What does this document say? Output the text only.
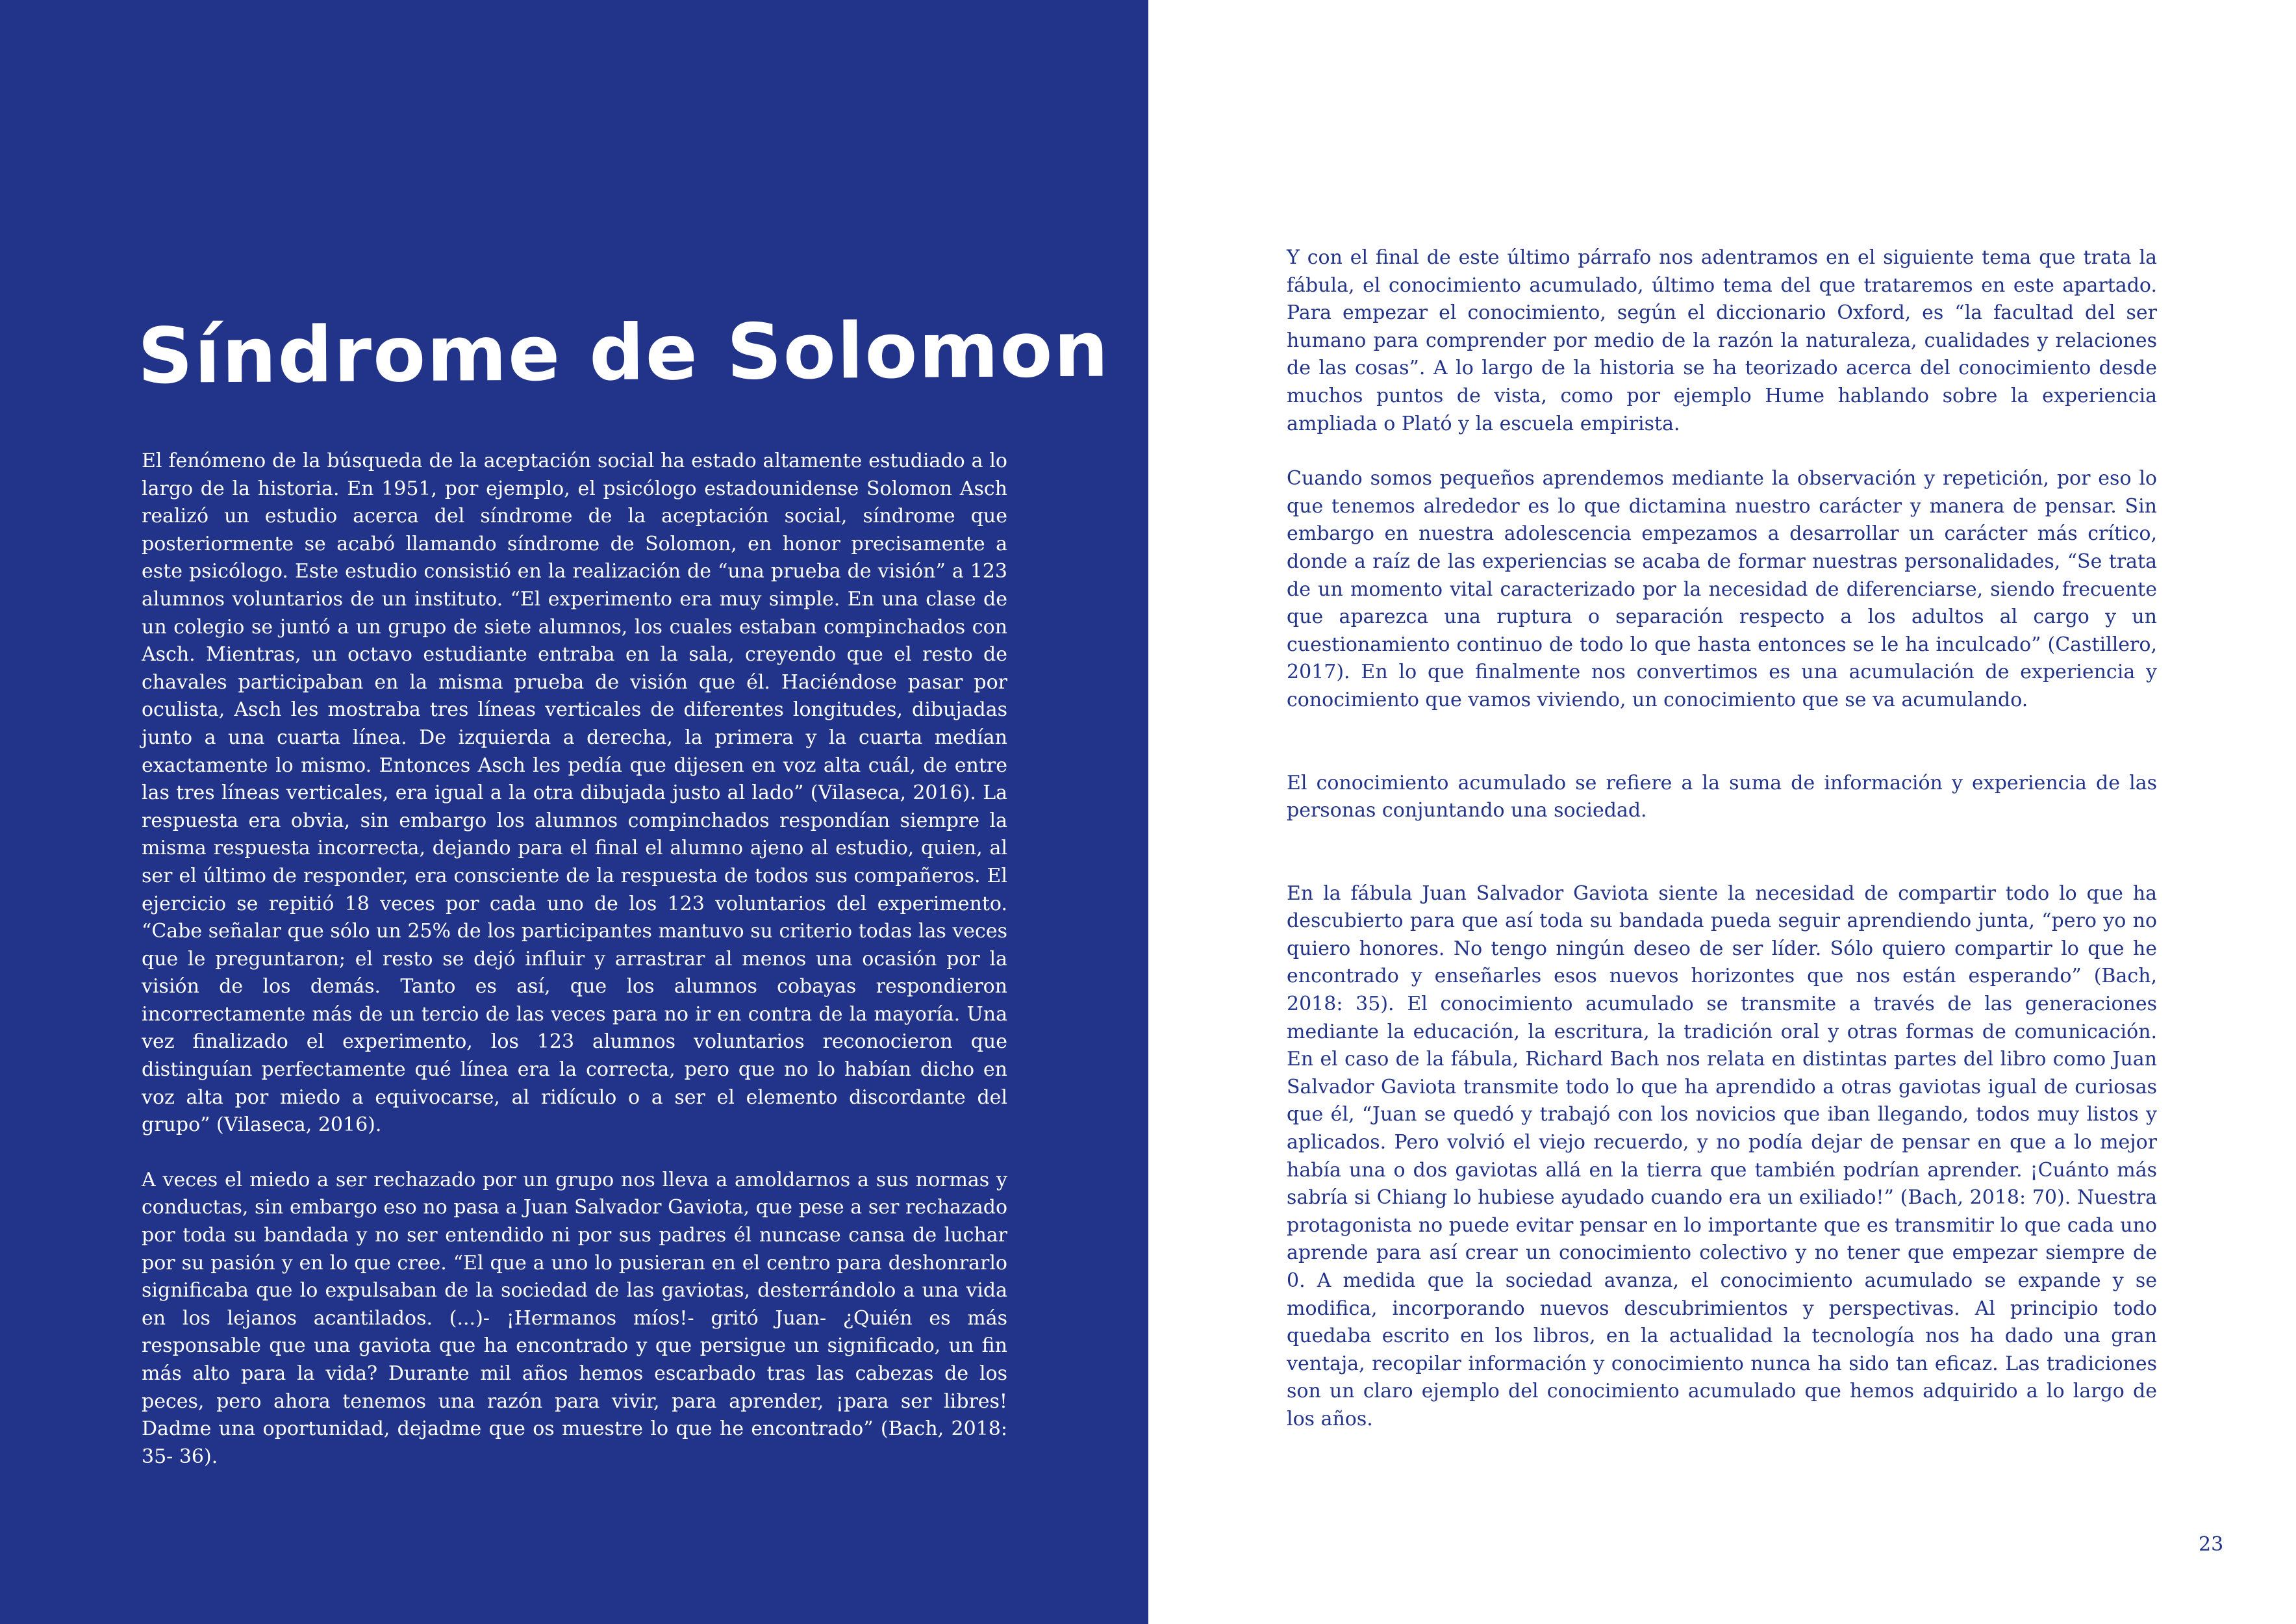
Síndrome de Solomon

El fenómeno de la búsqueda de la aceptación social ha estado altamente estudiado a lo largo de la historia. En 1951, por ejemplo, el psicólogo estadounidense Solomon Asch realizó un estudio acerca del síndrome de la aceptación social, síndrome que posteriormente se acabó llamando síndrome de Solomon, en honor precisamente a este psicólogo. Este estudio consistió en la realización de “una prueba de visión” a 123 alumnos voluntarios de un instituto. “El experimento era muy simple. En una clase de un colegio se juntó a un grupo de siete alumnos, los cuales estaban compinchados con Asch. Mientras, un octavo estudiante entraba en la sala, creyendo que el resto de chavales participaban en la misma prueba de visión que él. Haciéndose pasar por oculista, Asch les mostraba tres líneas verticales de diferentes longitudes, dibujadas junto a una cuarta línea. De izquierda a derecha, la primera y la cuarta medían exactamente lo mismo. Entonces Asch les pedía que dijesen en voz alta cuál, de entre las tres líneas verticales, era igual a la otra dibujada justo al lado” (Vilaseca, 2016). La respuesta era obvia, sin embargo los alumnos compinchados respondían siempre la misma respuesta incorrecta, dejando para el final el alumno ajeno al estudio, quien, al ser el último de responder, era consciente de la respuesta de todos sus compañeros. El ejercicio se repitió 18 veces por cada uno de los 123 voluntarios del experimento. “Cabe señalar que sólo un 25% de los participantes mantuvo su criterio todas las veces que le preguntaron; el resto se dejó influir y arrastrar al menos una ocasión por la visión de los demás. Tanto es así, que los alumnos cobayas respondieron incorrectamente más de un tercio de las veces para no ir en contra de la mayoría. Una vez finalizado el experimento, los 123 alumnos voluntarios reconocieron que distinguían perfectamente qué línea era la correcta, pero que no lo habían dicho en voz alta por miedo a equivocarse, al ridículo o a ser el elemento discordante del grupo” (Vilaseca, 2016).

A veces el miedo a ser rechazado por un grupo nos lleva a amoldarnos a sus normas y conductas, sin embargo eso no pasa a Juan Salvador Gaviota, que pese a ser rechazado por toda su bandada y no ser entendido ni por sus padres él nuncase cansa de luchar por su pasión y en lo que cree. “El que a uno lo pusieran en el centro para deshonrarlo significaba que lo expulsaban de la sociedad de las gaviotas, desterrándolo a una vida en los lejanos acantilados. (...)- ¡Hermanos míos!- gritó Juan- ¿Quién es más responsable que una gaviota que ha encontrado y que persigue un significado, un fin más alto para la vida? Durante mil años hemos escarbado tras las cabezas de los peces, pero ahora tenemos una razón para vivir, para aprender, ¡para ser libres! Dadme una oportunidad, dejadme que os muestre lo que he encontrado” (Bach, 2018: 35- 36).

Y con el final de este último párrafo nos adentramos en el siguiente tema que trata la fábula, el conocimiento acumulado, último tema del que trataremos en este apartado. Para empezar el conocimiento, según el diccionario Oxford, es “la facultad del ser humano para comprender por medio de la razón la naturaleza, cualidades y relaciones de las cosas”. A lo largo de la historia se ha teorizado acerca del conocimiento desde muchos puntos de vista, como por ejemplo Hume hablando sobre la experiencia ampliada o Plató y la escuela empirista.

Cuando somos pequeños aprendemos mediante la observación y repetición, por eso lo que tenemos alrededor es lo que dictamina nuestro carácter y manera de pensar. Sin embargo en nuestra adolescencia empezamos a desarrollar un carácter más crítico, donde a raíz de las experiencias se acaba de formar nuestras personalidades, “Se trata de un momento vital caracterizado por la necesidad de diferenciarse, siendo frecuente que aparezca una ruptura o separación respecto a los adultos al cargo y un cuestionamiento continuo de todo lo que hasta entonces se le ha inculcado” (Castillero, 2017). En lo que finalmente nos convertimos es una acumulación de experiencia y conocimiento que vamos viviendo, un conocimiento que se va acumulando.

El conocimiento acumulado se refiere a la suma de información y experiencia de las personas conjuntando una sociedad.

En la fábula Juan Salvador Gaviota siente la necesidad de compartir todo lo que ha descubierto para que así toda su bandada pueda seguir aprendiendo junta, “pero yo no quiero honores. No tengo ningún deseo de ser líder. Sólo quiero compartir lo que he encontrado y enseñarles esos nuevos horizontes que nos están esperando” (Bach, 2018: 35). El conocimiento acumulado se transmite a través de las generaciones mediante la educación, la escritura, la tradición oral y otras formas de comunicación. En el caso de la fábula, Richard Bach nos relata en distintas partes del libro como Juan Salvador Gaviota transmite todo lo que ha aprendido a otras gaviotas igual de curiosas que él, “Juan se quedó y trabajó con los novicios que iban llegando, todos muy listos y aplicados. Pero volvió el viejo recuerdo, y no podía dejar de pensar en que a lo mejor había una o dos gaviotas allá en la tierra que también podrían aprender. ¡Cuánto más sabría si Chiang lo hubiese ayudado cuando era un exiliado!” (Bach, 2018: 70). Nuestra protagonista no puede evitar pensar en lo importante que es transmitir lo que cada uno aprende para así crear un conocimiento colectivo y no tener que empezar siempre de 0. A medida que la sociedad avanza, el conocimiento acumulado se expande y se modifica, incorporando nuevos descubrimientos y perspectivas. Al principio todo quedaba escrito en los libros, en la actualidad la tecnología nos ha dado una gran ventaja, recopilar información y conocimiento nunca ha sido tan eficaz. Las tradiciones son un claro ejemplo del conocimiento acumulado que hemos adquirido a lo largo de los años.

23
